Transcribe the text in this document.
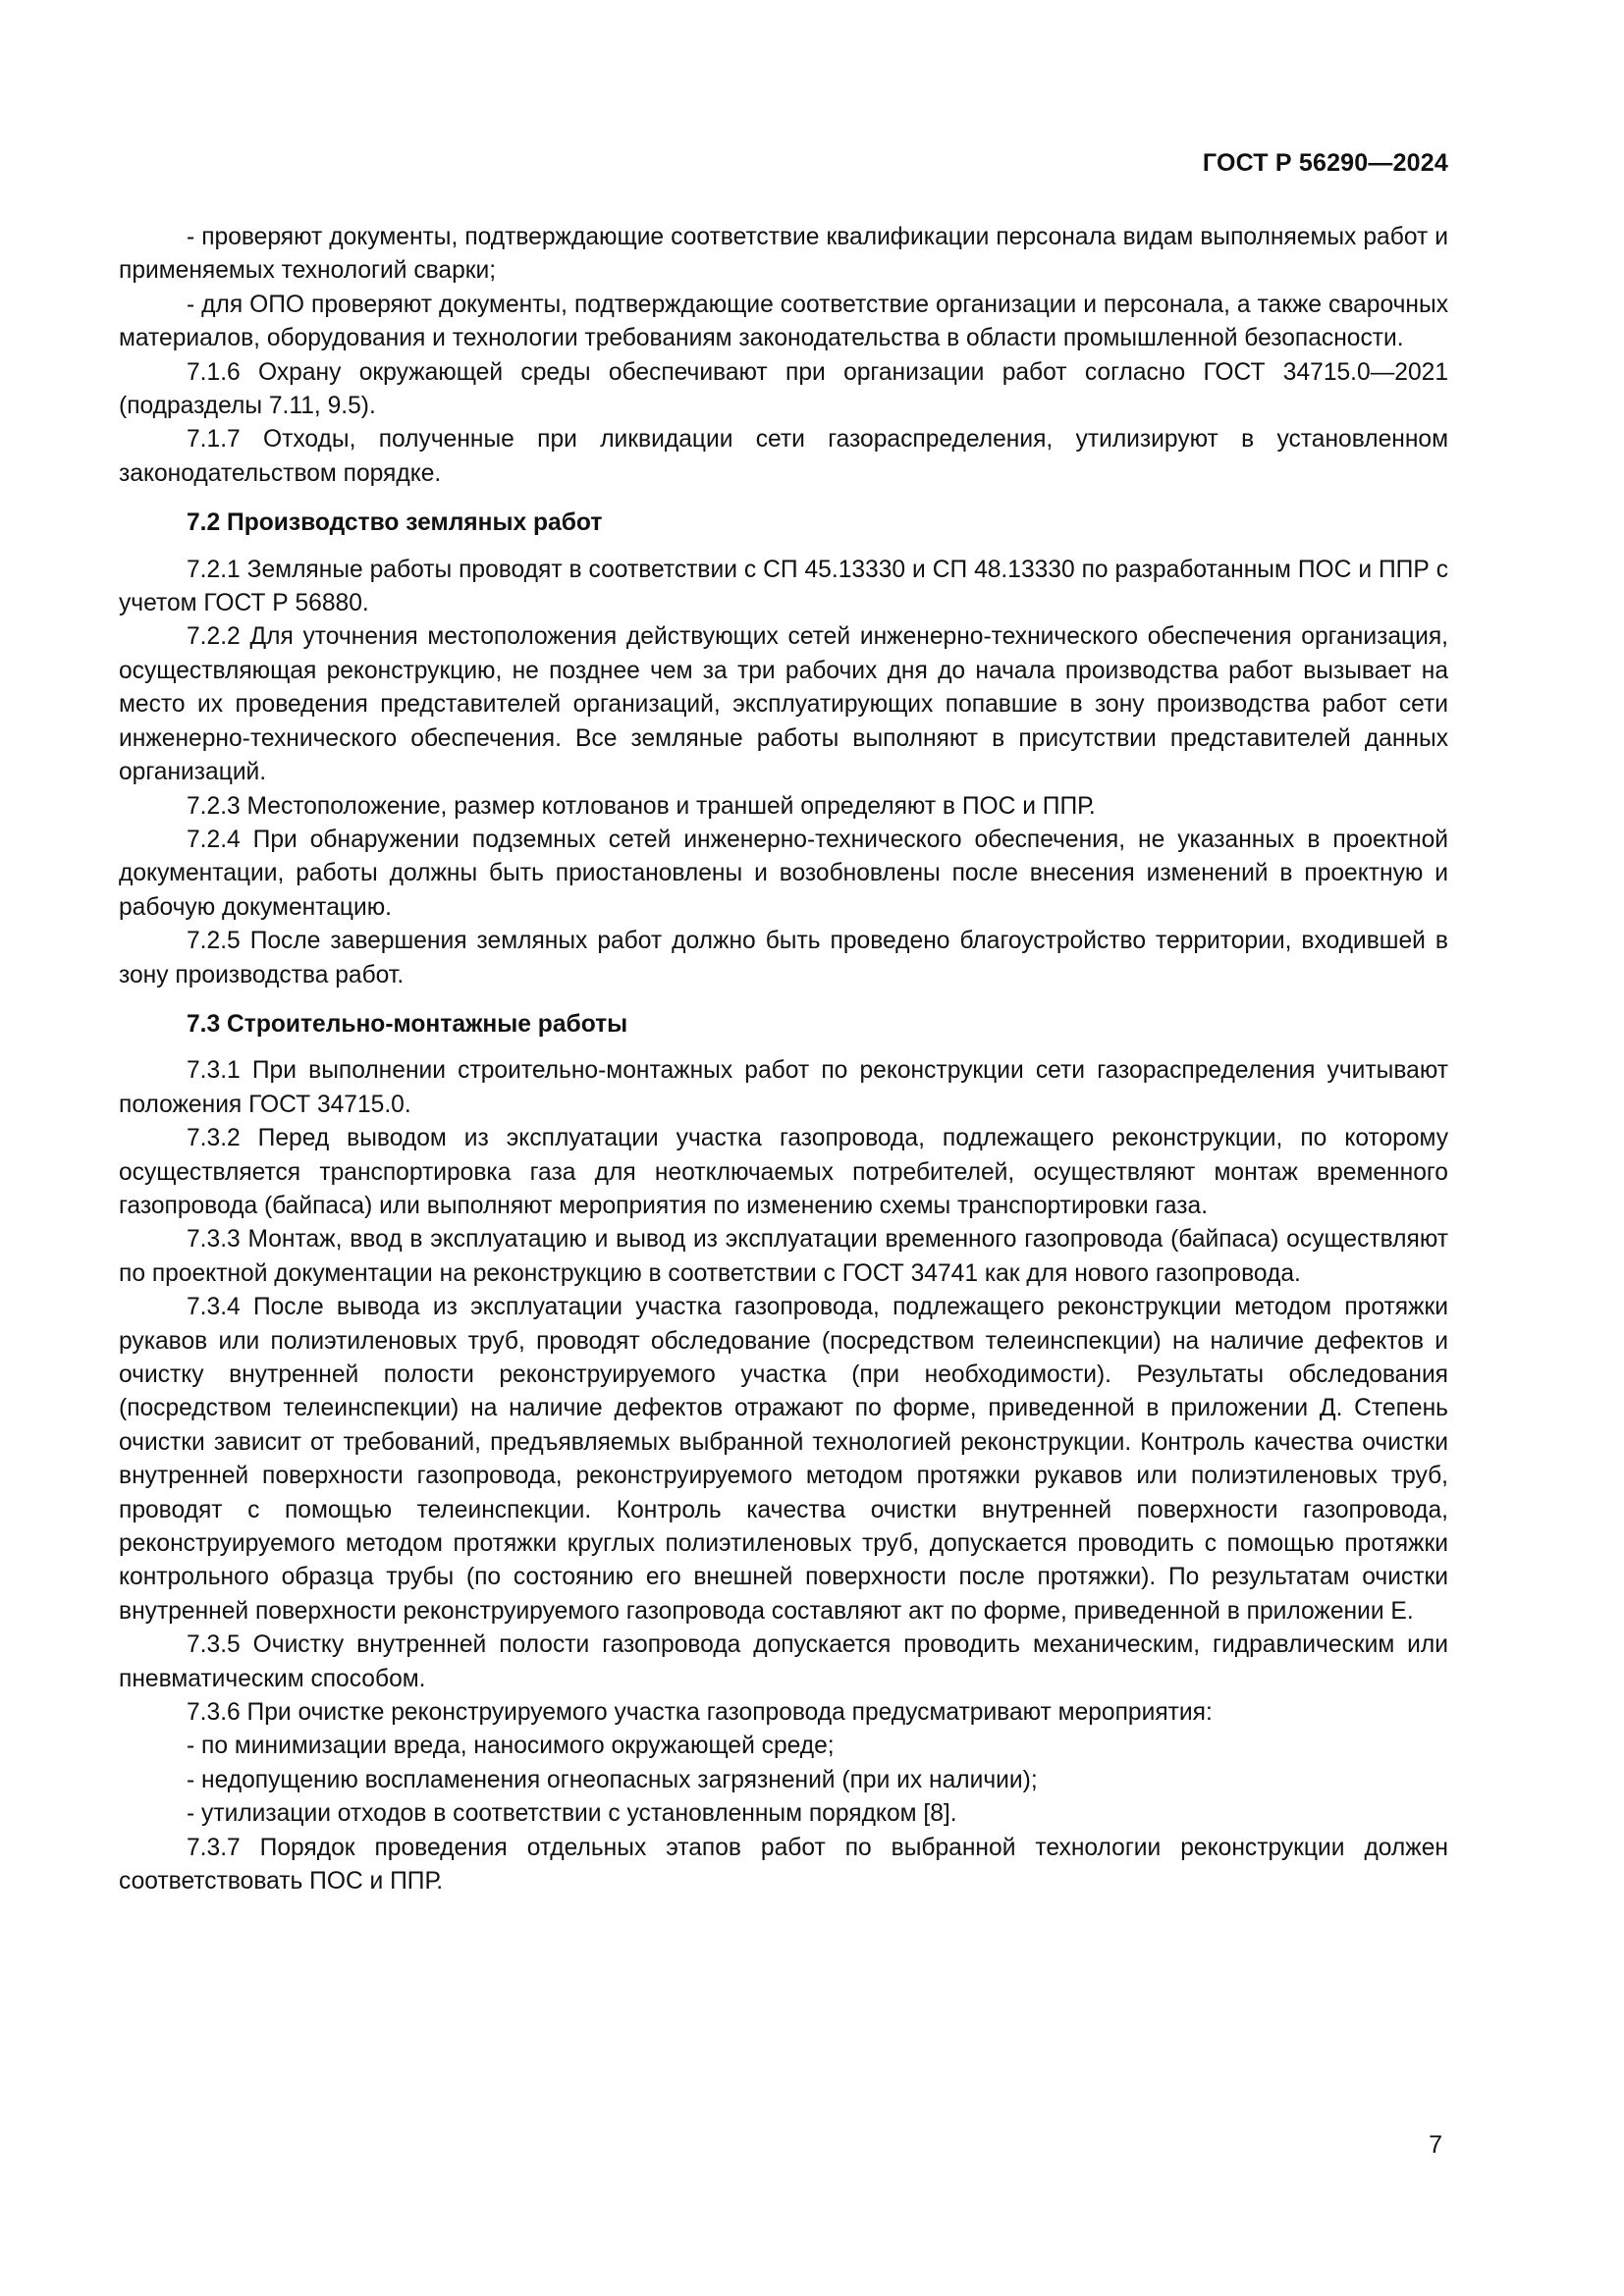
ГОСТ Р 56290—2024

- проверяют документы, подтверждающие соответствие квалификации персонала видам выполняемых работ и применяемых технологий сварки;

- для ОПО проверяют документы, подтверждающие соответствие организации и персонала, а также сварочных материалов, оборудования и технологии требованиям законодательства в области промышленной безопасности.

7.1.6 Охрану окружающей среды обеспечивают при организации работ согласно ГОСТ 34715.0—2021 (подразделы 7.11, 9.5).

7.1.7 Отходы, полученные при ликвидации сети газораспределения, утилизируют в установленном законодательством порядке.

7.2 Производство земляных работ

7.2.1 Земляные работы проводят в соответствии с СП 45.13330 и СП 48.13330 по разработанным ПОС и ППР с учетом ГОСТ Р 56880.

7.2.2 Для уточнения местоположения действующих сетей инженерно-технического обеспечения организация, осуществляющая реконструкцию, не позднее чем за три рабочих дня до начала производства работ вызывает на место их проведения представителей организаций, эксплуатирующих попавшие в зону производства работ сети инженерно-технического обеспечения. Все земляные работы выполняют в присутствии представителей данных организаций.

7.2.3 Местоположение, размер котлованов и траншей определяют в ПОС и ППР.

7.2.4 При обнаружении подземных сетей инженерно-технического обеспечения, не указанных в проектной документации, работы должны быть приостановлены и возобновлены после внесения изменений в проектную и рабочую документацию.

7.2.5 После завершения земляных работ должно быть проведено благоустройство территории, входившей в зону производства работ.

7.3 Строительно-монтажные работы

7.3.1 При выполнении строительно-монтажных работ по реконструкции сети газораспределения учитывают положения ГОСТ 34715.0.

7.3.2 Перед выводом из эксплуатации участка газопровода, подлежащего реконструкции, по которому осуществляется транспортировка газа для неотключаемых потребителей, осуществляют монтаж временного газопровода (байпаса) или выполняют мероприятия по изменению схемы транспортировки газа.

7.3.3 Монтаж, ввод в эксплуатацию и вывод из эксплуатации временного газопровода (байпаса) осуществляют по проектной документации на реконструкцию в соответствии с ГОСТ 34741 как для нового газопровода.

7.3.4 После вывода из эксплуатации участка газопровода, подлежащего реконструкции методом протяжки рукавов или полиэтиленовых труб, проводят обследование (посредством телеинспекции) на наличие дефектов и очистку внутренней полости реконструируемого участка (при необходимости). Результаты обследования (посредством телеинспекции) на наличие дефектов отражают по форме, приведенной в приложении Д. Степень очистки зависит от требований, предъявляемых выбранной технологией реконструкции. Контроль качества очистки внутренней поверхности газопровода, реконструируемого методом протяжки рукавов или полиэтиленовых труб, проводят с помощью телеинспекции. Контроль качества очистки внутренней поверхности газопровода, реконструируемого методом протяжки круглых полиэтиленовых труб, допускается проводить с помощью протяжки контрольного образца трубы (по состоянию его внешней поверхности после протяжки). По результатам очистки внутренней поверхности реконструируемого газопровода составляют акт по форме, приведенной в приложении Е.

7.3.5 Очистку внутренней полости газопровода допускается проводить механическим, гидравлическим или пневматическим способом.

7.3.6 При очистке реконструируемого участка газопровода предусматривают мероприятия:

- по минимизации вреда, наносимого окружающей среде;

- недопущению воспламенения огнеопасных загрязнений (при их наличии);

- утилизации отходов в соответствии с установленным порядком [8].

7.3.7 Порядок проведения отдельных этапов работ по выбранной технологии реконструкции должен соответствовать ПОС и ППР.

7
